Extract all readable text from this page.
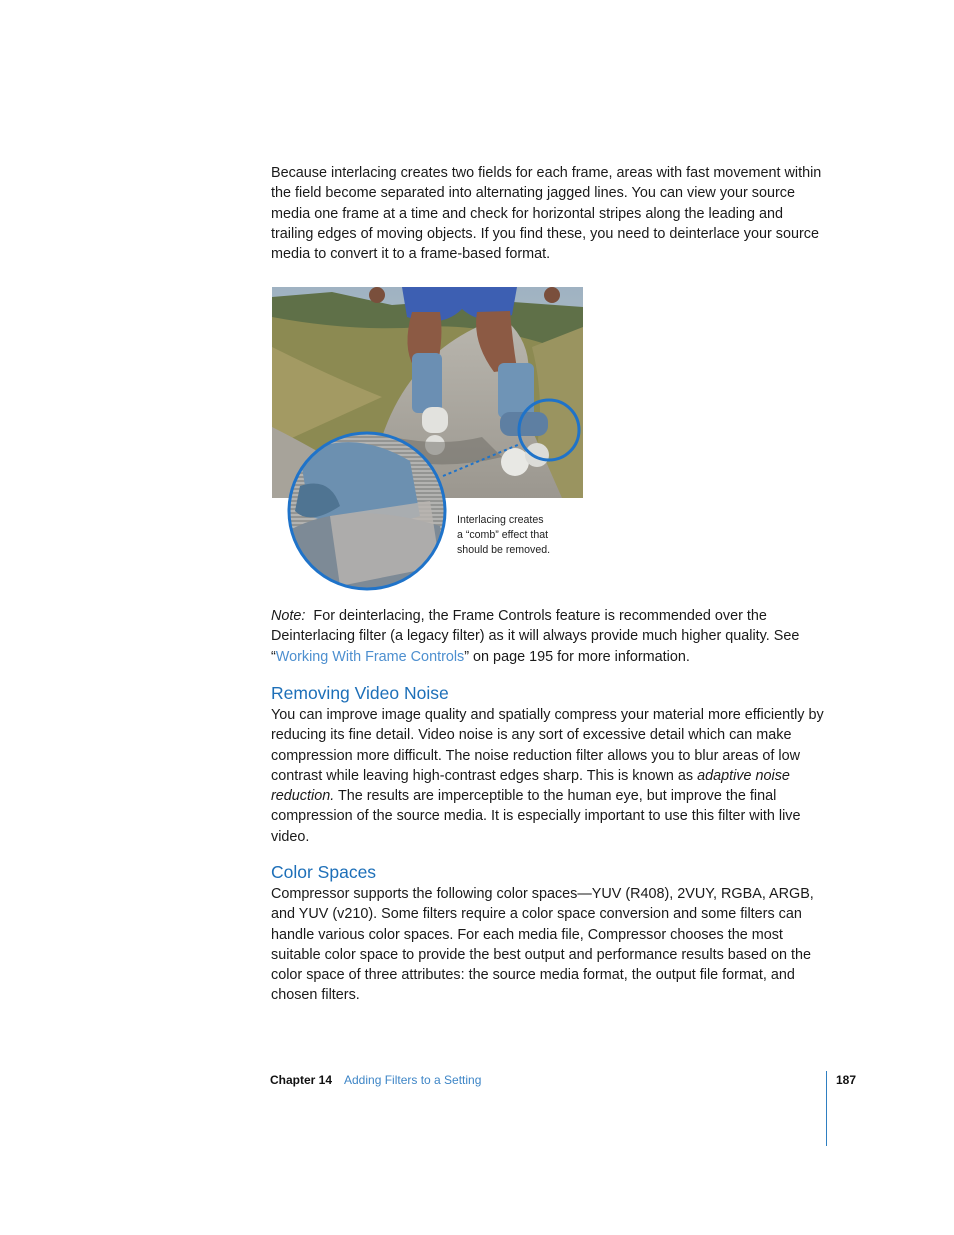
Because interlacing creates two fields for each frame, areas with fast movement within the field become separated into alternating jagged lines. You can view your source media one frame at a time and check for horizontal stripes along the leading and trailing edges of moving objects. If you find these, you need to deinterlace your source media to convert it to a frame-based format.

Interlacing creates
a “comb” effect that
should be removed.

Note: For deinterlacing, the Frame Controls feature is recommended over the Deinterlacing filter (a legacy filter) as it will always provide much higher quality. See “Working With Frame Controls” on page 195 for more information.

Removing Video Noise

You can improve image quality and spatially compress your material more efficiently by reducing its fine detail. Video noise is any sort of excessive detail which can make compression more difficult. The noise reduction filter allows you to blur areas of low contrast while leaving high-contrast edges sharp. This is known as adaptive noise reduction. The results are imperceptible to the human eye, but improve the final compression of the source media. It is especially important to use this filter with live video.

Color Spaces

Compressor supports the following color spaces—YUV (R408), 2VUY, RGBA, ARGB, and YUV (v210). Some filters require a color space conversion and some filters can handle various color spaces. For each media file, Compressor chooses the most suitable color space to provide the best output and performance results based on the color space of three attributes: the source media format, the output file format, and chosen filters.

Chapter 14 Adding Filters to a Setting	187
